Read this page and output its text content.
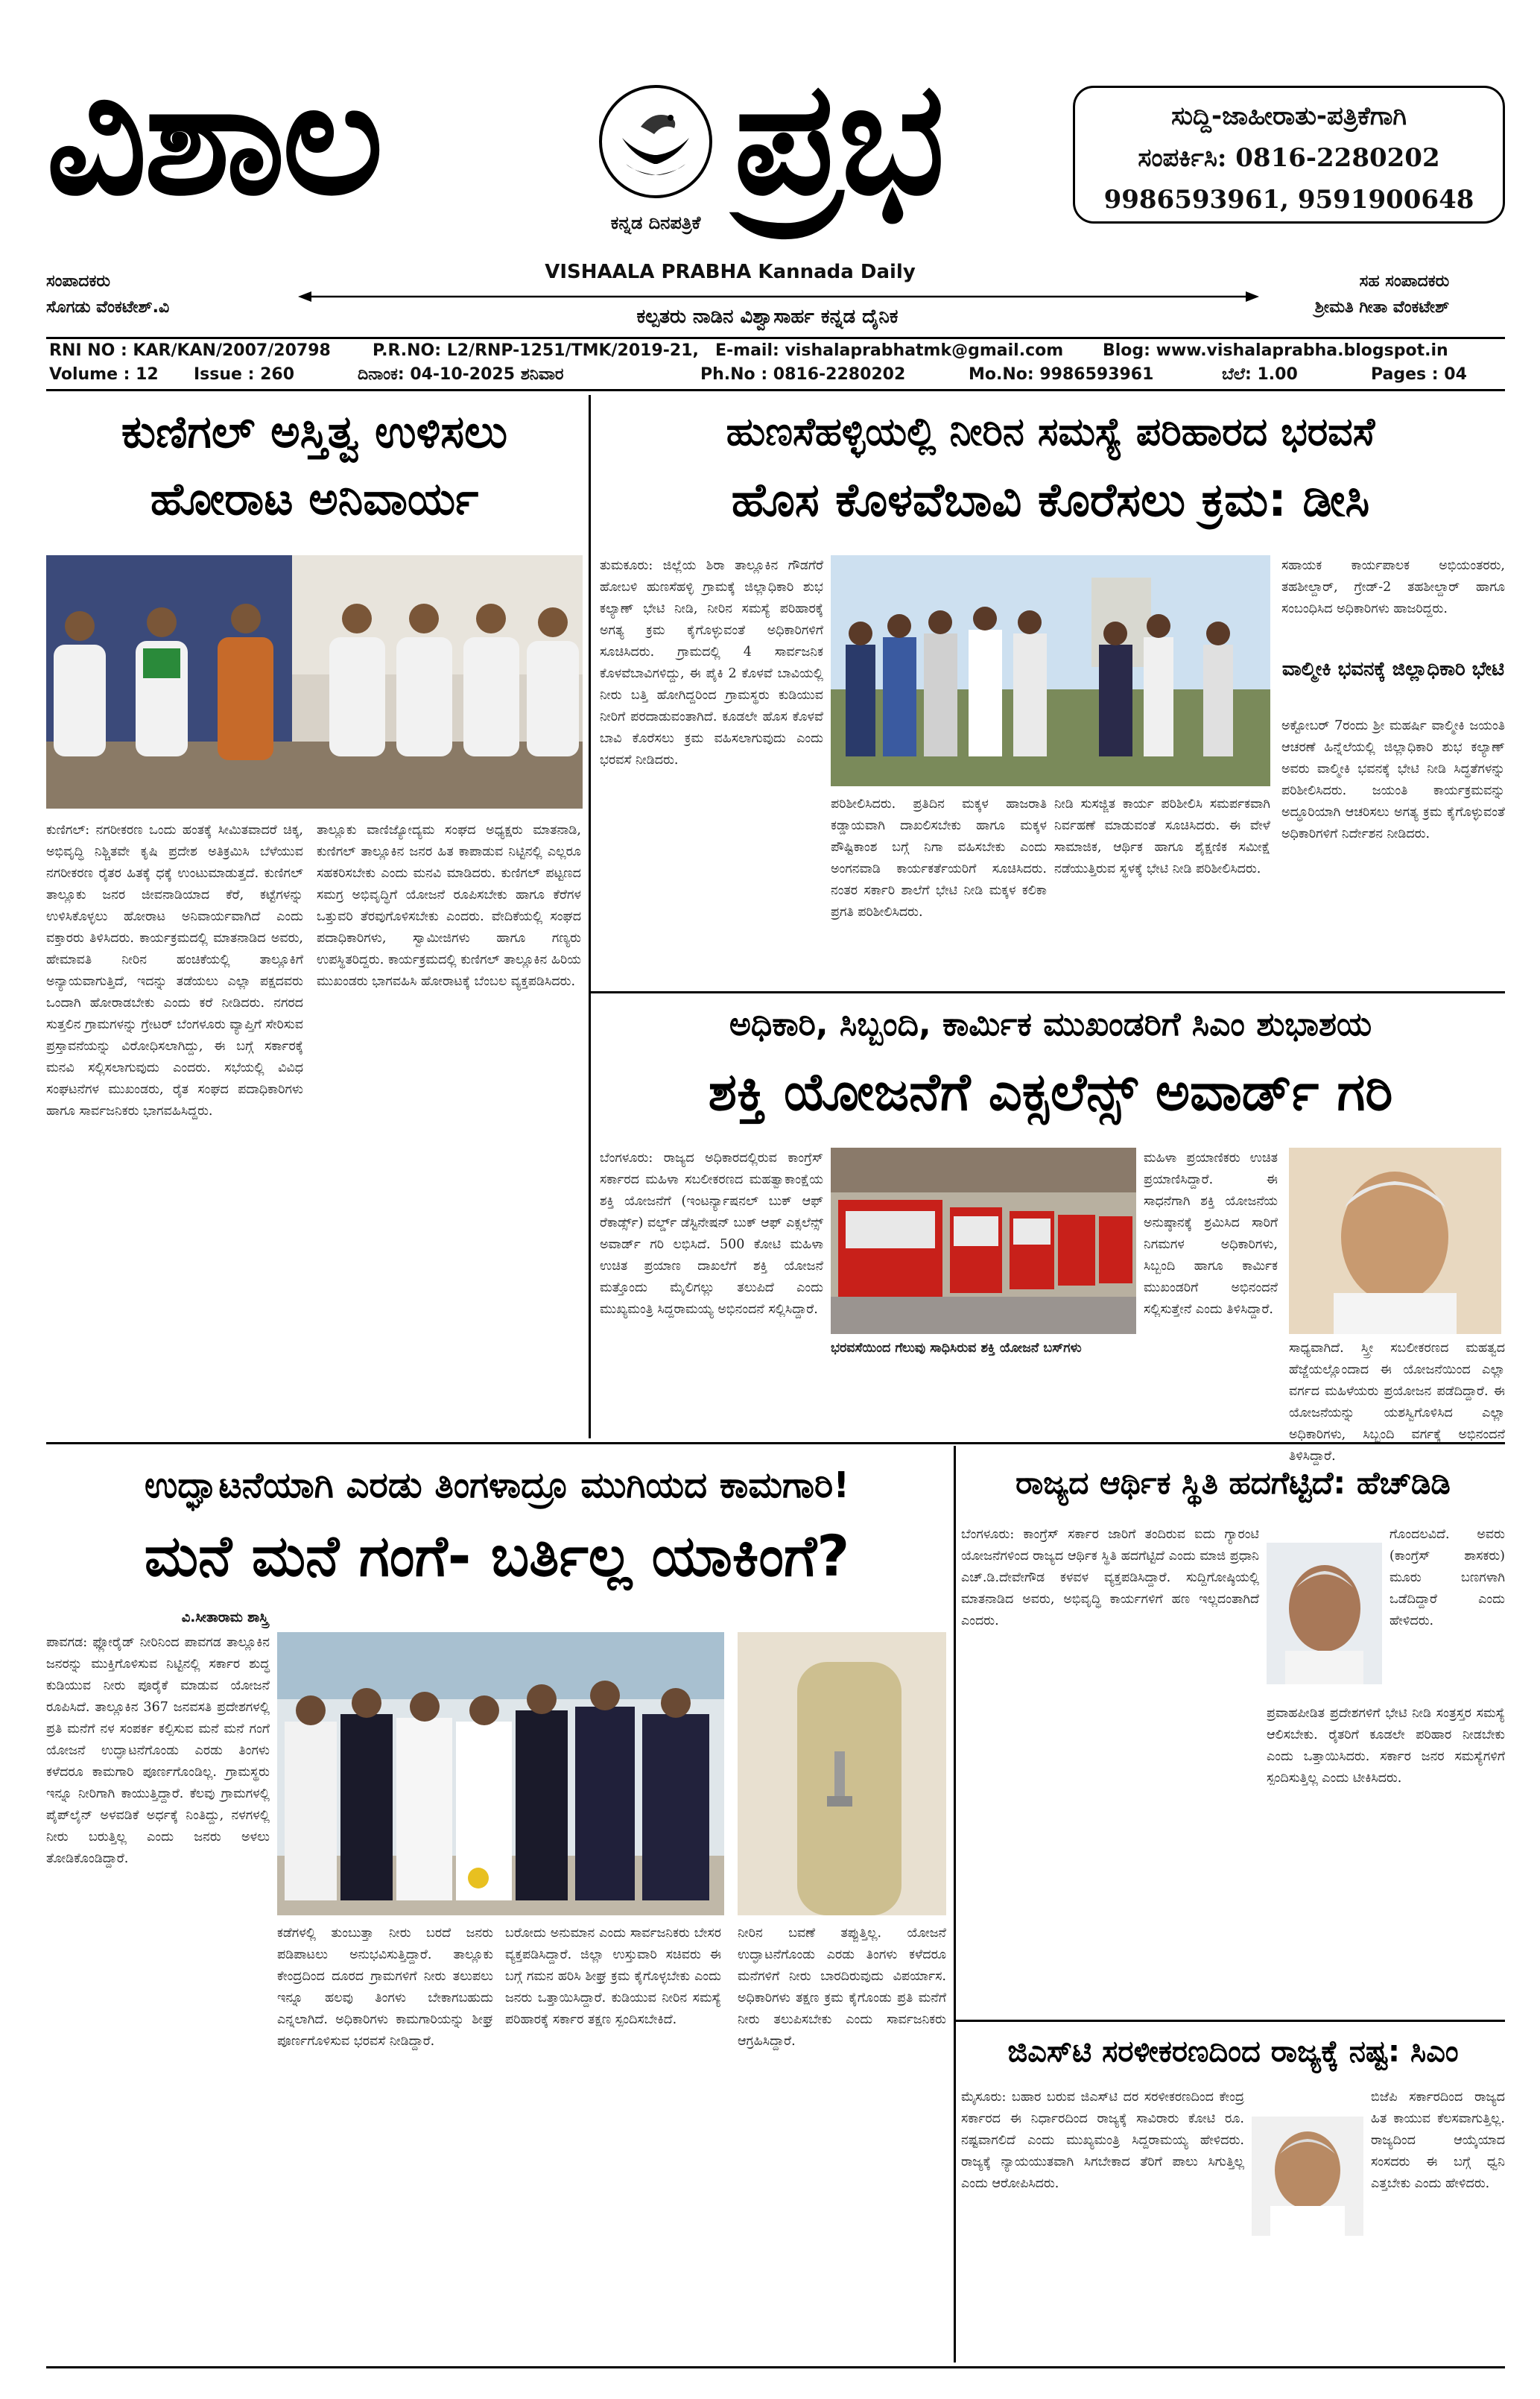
ವಿಶಾಲ	ಕನ್ನಡ ದಿನಪತ್ರಿಕೆ ಪ್ರಭ	ಸುದ್ದಿ-ಜಾಹೀರಾತು-ಪತ್ರಿಕೆಗಾಗಿ
ಸಂಪರ್ಕಿಸಿ: 0816-2280202
9986593961, 9591900648
VISHAALA PRABHA Kannada Daily
ಸಂಪಾದಕರು
ಸೊಗಡು ವೆಂಕಟೇಶ್.ವಿ
ಸಹ ಸಂಪಾದಕರು
ಶ್ರೀಮತಿ ಗೀತಾ ವೆಂಕಟೇಶ್
ಕಲ್ಪತರು ನಾಡಿನ ವಿಶ್ವಾಸಾರ್ಹ ಕನ್ನಡ ದೈನಿಕ
RNI NO : KAR/KAN/2007/20798	P.R.NO: L2/RNP-1251/TMK/2019-21, E-mail: vishalaprabhatmk@gmail.com Blog: www.vishalaprabha.blogspot.in
Volume : 12 Issue : 260	ದಿನಾಂಕ: 04-10-2025 ಶನಿವಾರ	Ph.No : 0816-2280202	Mo.No: 9986593961	ಬೆಲೆ: 1.00	Pages : 04
ಕುಣಿಗಲ್ ಅಸ್ತಿತ್ವ ಉಳಿಸಲು
ಹೋರಾಟ ಅನಿವಾರ್ಯ
ಕುಣಿಗಲ್: ನಗರೀಕರಣ ಒಂದು ಹಂತಕ್ಕೆ ಸೀಮಿತವಾದರೆ ಚಿಕ್ಕ, ಅಭಿವೃದ್ಧಿ ನಿಶ್ಚಿತವೇ ಕೃಷಿ ಪ್ರದೇಶ ಅತಿಕ್ರಮಿಸಿ ಬೆಳೆಯುವ ನಗರೀಕರಣ ರೈತರ ಹಿತಕ್ಕೆ ಧಕ್ಕೆ ಉಂಟುಮಾಡುತ್ತದೆ. ಕುಣಿಗಲ್ ತಾಲ್ಲೂಕು ಜನರ ಜೀವನಾಡಿಯಾದ ಕೆರೆ, ಕಟ್ಟೆಗಳನ್ನು ಉಳಿಸಿಕೊಳ್ಳಲು ಹೋರಾಟ ಅನಿವಾರ್ಯವಾಗಿದೆ ಎಂದು ವಕ್ತಾರರು ತಿಳಿಸಿದರು. ಕಾರ್ಯಕ್ರಮದಲ್ಲಿ ಮಾತನಾಡಿದ ಅವರು, ಹೇಮಾವತಿ ನೀರಿನ ಹಂಚಿಕೆಯಲ್ಲಿ ತಾಲ್ಲೂಕಿಗೆ ಅನ್ಯಾಯವಾಗುತ್ತಿದೆ, ಇದನ್ನು ತಡೆಯಲು ಎಲ್ಲಾ ಪಕ್ಷದವರು ಒಂದಾಗಿ ಹೋರಾಡಬೇಕು ಎಂದು ಕರೆ ನೀಡಿದರು. ನಗರದ ಸುತ್ತಲಿನ ಗ್ರಾಮಗಳನ್ನು ಗ್ರೇಟರ್ ಬೆಂಗಳೂರು ವ್ಯಾಪ್ತಿಗೆ ಸೇರಿಸುವ ಪ್ರಸ್ತಾವನೆಯನ್ನು ವಿರೋಧಿಸಲಾಗಿದ್ದು, ಈ ಬಗ್ಗೆ ಸರ್ಕಾರಕ್ಕೆ ಮನವಿ ಸಲ್ಲಿಸಲಾಗುವುದು ಎಂದರು. ಸಭೆಯಲ್ಲಿ ವಿವಿಧ ಸಂಘಟನೆಗಳ ಮುಖಂಡರು, ರೈತ ಸಂಘದ ಪದಾಧಿಕಾರಿಗಳು ಹಾಗೂ ಸಾರ್ವಜನಿಕರು ಭಾಗವಹಿಸಿದ್ದರು.
ತಾಲ್ಲೂಕು ವಾಣಿಜ್ಯೋದ್ಯಮ ಸಂಘದ ಅಧ್ಯಕ್ಷರು ಮಾತನಾಡಿ, ಕುಣಿಗಲ್ ತಾಲ್ಲೂಕಿನ ಜನರ ಹಿತ ಕಾಪಾಡುವ ನಿಟ್ಟಿನಲ್ಲಿ ಎಲ್ಲರೂ ಸಹಕರಿಸಬೇಕು ಎಂದು ಮನವಿ ಮಾಡಿದರು. ಕುಣಿಗಲ್ ಪಟ್ಟಣದ ಸಮಗ್ರ ಅಭಿವೃದ್ಧಿಗೆ ಯೋಜನೆ ರೂಪಿಸಬೇಕು ಹಾಗೂ ಕೆರೆಗಳ ಒತ್ತುವರಿ ತೆರವುಗೊಳಿಸಬೇಕು ಎಂದರು. ವೇದಿಕೆಯಲ್ಲಿ ಸಂಘದ ಪದಾಧಿಕಾರಿಗಳು, ಸ್ವಾಮೀಜಿಗಳು ಹಾಗೂ ಗಣ್ಯರು ಉಪಸ್ಥಿತರಿದ್ದರು. ಕಾರ್ಯಕ್ರಮದಲ್ಲಿ ಕುಣಿಗಲ್ ತಾಲ್ಲೂಕಿನ ಹಿರಿಯ ಮುಖಂಡರು ಭಾಗವಹಿಸಿ ಹೋರಾಟಕ್ಕೆ ಬೆಂಬಲ ವ್ಯಕ್ತಪಡಿಸಿದರು.
ಹುಣಸೆಹಳ್ಳಿಯಲ್ಲಿ ನೀರಿನ ಸಮಸ್ಯೆ ಪರಿಹಾರದ ಭರವಸೆ
ಹೊಸ ಕೊಳವೆಬಾವಿ ಕೊರೆಸಲು ಕ್ರಮ: ಡೀಸಿ
ತುಮಕೂರು: ಜಿಲ್ಲೆಯ ಶಿರಾ ತಾಲ್ಲೂಕಿನ ಗೌಡಗೆರೆ ಹೋಬಳಿ ಹುಣಸೆಹಳ್ಳಿ ಗ್ರಾಮಕ್ಕೆ ಜಿಲ್ಲಾಧಿಕಾರಿ ಶುಭ ಕಲ್ಯಾಣ್ ಭೇಟಿ ನೀಡಿ, ನೀರಿನ ಸಮಸ್ಯೆ ಪರಿಹಾರಕ್ಕೆ ಅಗತ್ಯ ಕ್ರಮ ಕೈಗೊಳ್ಳುವಂತೆ ಅಧಿಕಾರಿಗಳಿಗೆ ಸೂಚಿಸಿದರು. ಗ್ರಾಮದಲ್ಲಿ 4 ಸಾರ್ವಜನಿಕ ಕೊಳವೆಬಾವಿಗಳಿದ್ದು, ಈ ಪೈಕಿ 2 ಕೊಳವೆ ಬಾವಿಯಲ್ಲಿ ನೀರು ಬತ್ತಿ ಹೋಗಿದ್ದರಿಂದ ಗ್ರಾಮಸ್ಥರು ಕುಡಿಯುವ ನೀರಿಗೆ ಪರದಾಡುವಂತಾಗಿದೆ. ಕೂಡಲೇ ಹೊಸ ಕೊಳವೆ ಬಾವಿ ಕೊರೆಸಲು ಕ್ರಮ ವಹಿಸಲಾಗುವುದು ಎಂದು ಭರವಸೆ ನೀಡಿದರು.
ಪರಿಶೀಲಿಸಿದರು. ಪ್ರತಿದಿನ ಮಕ್ಕಳ ಹಾಜರಾತಿ ಕಡ್ಡಾಯವಾಗಿ ದಾಖಲಿಸಬೇಕು ಹಾಗೂ ಮಕ್ಕಳ ಪೌಷ್ಟಿಕಾಂಶ ಬಗ್ಗೆ ನಿಗಾ ವಹಿಸಬೇಕು ಎಂದು ಅಂಗನವಾಡಿ ಕಾರ್ಯಕರ್ತೆಯರಿಗೆ ಸೂಚಿಸಿದರು. ನಂತರ ಸರ್ಕಾರಿ ಶಾಲೆಗೆ ಭೇಟಿ ನೀಡಿ ಮಕ್ಕಳ ಕಲಿಕಾ ಪ್ರಗತಿ ಪರಿಶೀಲಿಸಿದರು.
ನೀಡಿ ಸುಸಜ್ಜಿತ ಕಾರ್ಯ ಪರಿಶೀಲಿಸಿ ಸಮರ್ಪಕವಾಗಿ ನಿರ್ವಹಣೆ ಮಾಡುವಂತೆ ಸೂಚಿಸಿದರು. ಈ ವೇಳೆ ಸಾಮಾಜಿಕ, ಆರ್ಥಿಕ ಹಾಗೂ ಶೈಕ್ಷಣಿಕ ಸಮೀಕ್ಷೆ ನಡೆಯುತ್ತಿರುವ ಸ್ಥಳಕ್ಕೆ ಭೇಟಿ ನೀಡಿ ಪರಿಶೀಲಿಸಿದರು.
ಸಹಾಯಕ ಕಾರ್ಯಪಾಲಕ ಅಭಿಯಂತರರು, ತಹಶೀಲ್ದಾರ್, ಗ್ರೇಡ್-2 ತಹಶೀಲ್ದಾರ್ ಹಾಗೂ ಸಂಬಂಧಿಸಿದ ಅಧಿಕಾರಿಗಳು ಹಾಜರಿದ್ದರು.
ವಾಲ್ಮೀಕಿ ಭವನಕ್ಕೆ ಜಿಲ್ಲಾಧಿಕಾರಿ ಭೇಟಿ
ಅಕ್ಟೋಬರ್ 7ರಂದು ಶ್ರೀ ಮಹರ್ಷಿ ವಾಲ್ಮೀಕಿ ಜಯಂತಿ ಆಚರಣೆ ಹಿನ್ನೆಲೆಯಲ್ಲಿ ಜಿಲ್ಲಾಧಿಕಾರಿ ಶುಭ ಕಲ್ಯಾಣ್ ಅವರು ವಾಲ್ಮೀಕಿ ಭವನಕ್ಕೆ ಭೇಟಿ ನೀಡಿ ಸಿದ್ಧತೆಗಳನ್ನು ಪರಿಶೀಲಿಸಿದರು. ಜಯಂತಿ ಕಾರ್ಯಕ್ರಮವನ್ನು ಅದ್ಧೂರಿಯಾಗಿ ಆಚರಿಸಲು ಅಗತ್ಯ ಕ್ರಮ ಕೈಗೊಳ್ಳುವಂತೆ ಅಧಿಕಾರಿಗಳಿಗೆ ನಿರ್ದೇಶನ ನೀಡಿದರು.
ಅಧಿಕಾರಿ, ಸಿಬ್ಬಂದಿ, ಕಾರ್ಮಿಕ ಮುಖಂಡರಿಗೆ ಸಿಎಂ ಶುಭಾಶಯ
ಶಕ್ತಿ ಯೋಜನೆಗೆ ಎಕ್ಸಲೆನ್ಸ್ ಅವಾರ್ಡ್ ಗರಿ
ಬೆಂಗಳೂರು: ರಾಜ್ಯದ ಅಧಿಕಾರದಲ್ಲಿರುವ ಕಾಂಗ್ರೆಸ್ ಸರ್ಕಾರದ ಮಹಿಳಾ ಸಬಲೀಕರಣದ ಮಹತ್ವಾಕಾಂಕ್ಷೆಯ ಶಕ್ತಿ ಯೋಜನೆಗೆ (ಇಂಟರ್ನ್ಯಾಷನಲ್ ಬುಕ್ ಆಫ್ ರೆಕಾರ್ಡ್ಸ್) ವರ್ಲ್ಡ್ ಡೆಸ್ಟಿನೇಷನ್ ಬುಕ್ ಆಫ್ ಎಕ್ಸಲೆನ್ಸ್ ಅವಾರ್ಡ್ ಗರಿ ಲಭಿಸಿದೆ. 500 ಕೋಟಿ ಮಹಿಳಾ ಉಚಿತ ಪ್ರಯಾಣ ದಾಖಲೆಗೆ ಶಕ್ತಿ ಯೋಜನೆ ಮತ್ತೊಂದು ಮೈಲಿಗಲ್ಲು ತಲುಪಿದೆ ಎಂದು ಮುಖ್ಯಮಂತ್ರಿ ಸಿದ್ದರಾಮಯ್ಯ ಅಭಿನಂದನೆ ಸಲ್ಲಿಸಿದ್ದಾರೆ.
ಭರವಸೆಯಿಂದ ಗೆಲುವು ಸಾಧಿಸಿರುವ ಶಕ್ತಿ ಯೋಜನೆ ಬಸ್‌ಗಳು
ಮಹಿಳಾ ಪ್ರಯಾಣಿಕರು ಉಚಿತ ಪ್ರಯಾಣಿಸಿದ್ದಾರೆ. ಈ ಸಾಧನೆಗಾಗಿ ಶಕ್ತಿ ಯೋಜನೆಯ ಅನುಷ್ಠಾನಕ್ಕೆ ಶ್ರಮಿಸಿದ ಸಾರಿಗೆ ನಿಗಮಗಳ ಅಧಿಕಾರಿಗಳು, ಸಿಬ್ಬಂದಿ ಹಾಗೂ ಕಾರ್ಮಿಕ ಮುಖಂಡರಿಗೆ ಅಭಿನಂದನೆ ಸಲ್ಲಿಸುತ್ತೇನೆ ಎಂದು ತಿಳಿಸಿದ್ದಾರೆ.
ಸಾಧ್ಯವಾಗಿದೆ. ಸ್ತ್ರೀ ಸಬಲೀಕರಣದ ಮಹತ್ವದ ಹೆಜ್ಜೆಯಲ್ಲೊಂದಾದ ಈ ಯೋಜನೆಯಿಂದ ಎಲ್ಲಾ ವರ್ಗದ ಮಹಿಳೆಯರು ಪ್ರಯೋಜನ ಪಡೆದಿದ್ದಾರೆ. ಈ ಯೋಜನೆಯನ್ನು ಯಶಸ್ವಿಗೊಳಿಸಿದ ಎಲ್ಲಾ ಅಧಿಕಾರಿಗಳು, ಸಿಬ್ಬಂದಿ ವರ್ಗಕ್ಕೆ ಅಭಿನಂದನೆ ತಿಳಿಸಿದ್ದಾರೆ.
ಉದ್ಘಾಟನೆಯಾಗಿ ಎರಡು ತಿಂಗಳಾದ್ರೂ ಮುಗಿಯದ ಕಾಮಗಾರಿ!
ಮನೆ ಮನೆ ಗಂಗೆ- ಬರ್ತಿಲ್ಲ ಯಾಕಿಂಗೆ?
ವಿ.ಸೀತಾರಾಮ ಶಾಸ್ತ್ರಿ
ಪಾವಗಡ: ಫ್ಲೋರೈಡ್ ನೀರಿನಿಂದ ಪಾವಗಡ ತಾಲ್ಲೂಕಿನ ಜನರನ್ನು ಮುಕ್ತಿಗೊಳಿಸುವ ನಿಟ್ಟಿನಲ್ಲಿ ಸರ್ಕಾರ ಶುದ್ಧ ಕುಡಿಯುವ ನೀರು ಪೂರೈಕೆ ಮಾಡುವ ಯೋಜನೆ ರೂಪಿಸಿದೆ. ತಾಲ್ಲೂಕಿನ 367 ಜನವಸತಿ ಪ್ರದೇಶಗಳಲ್ಲಿ ಪ್ರತಿ ಮನೆಗೆ ನಳ ಸಂಪರ್ಕ ಕಲ್ಪಿಸುವ ಮನೆ ಮನೆ ಗಂಗೆ ಯೋಜನೆ ಉದ್ಘಾಟನೆಗೊಂಡು ಎರಡು ತಿಂಗಳು ಕಳೆದರೂ ಕಾಮಗಾರಿ ಪೂರ್ಣಗೊಂಡಿಲ್ಲ. ಗ್ರಾಮಸ್ಥರು ಇನ್ನೂ ನೀರಿಗಾಗಿ ಕಾಯುತ್ತಿದ್ದಾರೆ. ಕೆಲವು ಗ್ರಾಮಗಳಲ್ಲಿ ಪೈಪ್‌ಲೈನ್ ಅಳವಡಿಕೆ ಅರ್ಧಕ್ಕೆ ನಿಂತಿದ್ದು, ನಳಗಳಲ್ಲಿ ನೀರು ಬರುತ್ತಿಲ್ಲ ಎಂದು ಜನರು ಅಳಲು ತೋಡಿಕೊಂಡಿದ್ದಾರೆ.
ಕಡೆಗಳಲ್ಲಿ ತುಂಬುತ್ತಾ ನೀರು ಬರದೆ ಜನರು ಪಡಿಪಾಟಲು ಅನುಭವಿಸುತ್ತಿದ್ದಾರೆ. ತಾಲ್ಲೂಕು ಕೇಂದ್ರದಿಂದ ದೂರದ ಗ್ರಾಮಗಳಿಗೆ ನೀರು ತಲುಪಲು ಇನ್ನೂ ಹಲವು ತಿಂಗಳು ಬೇಕಾಗಬಹುದು ಎನ್ನಲಾಗಿದೆ. ಅಧಿಕಾರಿಗಳು ಕಾಮಗಾರಿಯನ್ನು ಶೀಘ್ರ ಪೂರ್ಣಗೊಳಿಸುವ ಭರವಸೆ ನೀಡಿದ್ದಾರೆ.
ಬರೋದು ಅನುಮಾನ ಎಂದು ಸಾರ್ವಜನಿಕರು ಬೇಸರ ವ್ಯಕ್ತಪಡಿಸಿದ್ದಾರೆ. ಜಿಲ್ಲಾ ಉಸ್ತುವಾರಿ ಸಚಿವರು ಈ ಬಗ್ಗೆ ಗಮನ ಹರಿಸಿ ಶೀಘ್ರ ಕ್ರಮ ಕೈಗೊಳ್ಳಬೇಕು ಎಂದು ಜನರು ಒತ್ತಾಯಿಸಿದ್ದಾರೆ. ಕುಡಿಯುವ ನೀರಿನ ಸಮಸ್ಯೆ ಪರಿಹಾರಕ್ಕೆ ಸರ್ಕಾರ ತಕ್ಷಣ ಸ್ಪಂದಿಸಬೇಕಿದೆ.
ನೀರಿನ ಬವಣೆ ತಪ್ಪುತ್ತಿಲ್ಲ. ಯೋಜನೆ ಉದ್ಘಾಟನೆಗೊಂಡು ಎರಡು ತಿಂಗಳು ಕಳೆದರೂ ಮನೆಗಳಿಗೆ ನೀರು ಬಾರದಿರುವುದು ವಿಪರ್ಯಾಸ. ಅಧಿಕಾರಿಗಳು ತಕ್ಷಣ ಕ್ರಮ ಕೈಗೊಂಡು ಪ್ರತಿ ಮನೆಗೆ ನೀರು ತಲುಪಿಸಬೇಕು ಎಂದು ಸಾರ್ವಜನಿಕರು ಆಗ್ರಹಿಸಿದ್ದಾರೆ.
ರಾಜ್ಯದ ಆರ್ಥಿಕ ಸ್ಥಿತಿ ಹದಗೆಟ್ಟಿದೆ: ಹೆಚ್‌ಡಿಡಿ
ಬೆಂಗಳೂರು: ಕಾಂಗ್ರೆಸ್ ಸರ್ಕಾರ ಜಾರಿಗೆ ತಂದಿರುವ ಐದು ಗ್ಯಾರಂಟಿ ಯೋಜನೆಗಳಿಂದ ರಾಜ್ಯದ ಆರ್ಥಿಕ ಸ್ಥಿತಿ ಹದಗೆಟ್ಟಿದೆ ಎಂದು ಮಾಜಿ ಪ್ರಧಾನಿ ಎಚ್.ಡಿ.ದೇವೇಗೌಡ ಕಳವಳ ವ್ಯಕ್ತಪಡಿಸಿದ್ದಾರೆ. ಸುದ್ದಿಗೋಷ್ಠಿಯಲ್ಲಿ ಮಾತನಾಡಿದ ಅವರು, ಅಭಿವೃದ್ಧಿ ಕಾರ್ಯಗಳಿಗೆ ಹಣ ಇಲ್ಲದಂತಾಗಿದೆ ಎಂದರು.
ಗೊಂದಲವಿದೆ. ಅವರು (ಕಾಂಗ್ರೆಸ್ ಶಾಸಕರು) ಮೂರು ಬಣಗಳಾಗಿ ಒಡೆದಿದ್ದಾರೆ ಎಂದು ಹೇಳಿದರು.
ಪ್ರವಾಹಪೀಡಿತ ಪ್ರದೇಶಗಳಿಗೆ ಭೇಟಿ ನೀಡಿ ಸಂತ್ರಸ್ತರ ಸಮಸ್ಯೆ ಆಲಿಸಬೇಕು. ರೈತರಿಗೆ ಕೂಡಲೇ ಪರಿಹಾರ ನೀಡಬೇಕು ಎಂದು ಒತ್ತಾಯಿಸಿದರು. ಸರ್ಕಾರ ಜನರ ಸಮಸ್ಯೆಗಳಿಗೆ ಸ್ಪಂದಿಸುತ್ತಿಲ್ಲ ಎಂದು ಟೀಕಿಸಿದರು.
ಜಿಎಸ್‌ಟಿ ಸರಳೀಕರಣದಿಂದ ರಾಜ್ಯಕ್ಕೆ ನಷ್ಟ: ಸಿಎಂ
ಮೈಸೂರು: ಬಹಾರ ಬರುವ ಜಿಎಸ್‌ಟಿ ದರ ಸರಳೀಕರಣದಿಂದ ಕೇಂದ್ರ ಸರ್ಕಾರದ ಈ ನಿರ್ಧಾರದಿಂದ ರಾಜ್ಯಕ್ಕೆ ಸಾವಿರಾರು ಕೋಟಿ ರೂ. ನಷ್ಟವಾಗಲಿದೆ ಎಂದು ಮುಖ್ಯಮಂತ್ರಿ ಸಿದ್ದರಾಮಯ್ಯ ಹೇಳಿದರು. ರಾಜ್ಯಕ್ಕೆ ನ್ಯಾಯಯುತವಾಗಿ ಸಿಗಬೇಕಾದ ತೆರಿಗೆ ಪಾಲು ಸಿಗುತ್ತಿಲ್ಲ ಎಂದು ಆರೋಪಿಸಿದರು.
ಬಿಜೆಪಿ ಸರ್ಕಾರದಿಂದ ರಾಜ್ಯದ ಹಿತ ಕಾಯುವ ಕೆಲಸವಾಗುತ್ತಿಲ್ಲ. ರಾಜ್ಯದಿಂದ ಆಯ್ಕೆಯಾದ ಸಂಸದರು ಈ ಬಗ್ಗೆ ಧ್ವನಿ ಎತ್ತಬೇಕು ಎಂದು ಹೇಳಿದರು.
